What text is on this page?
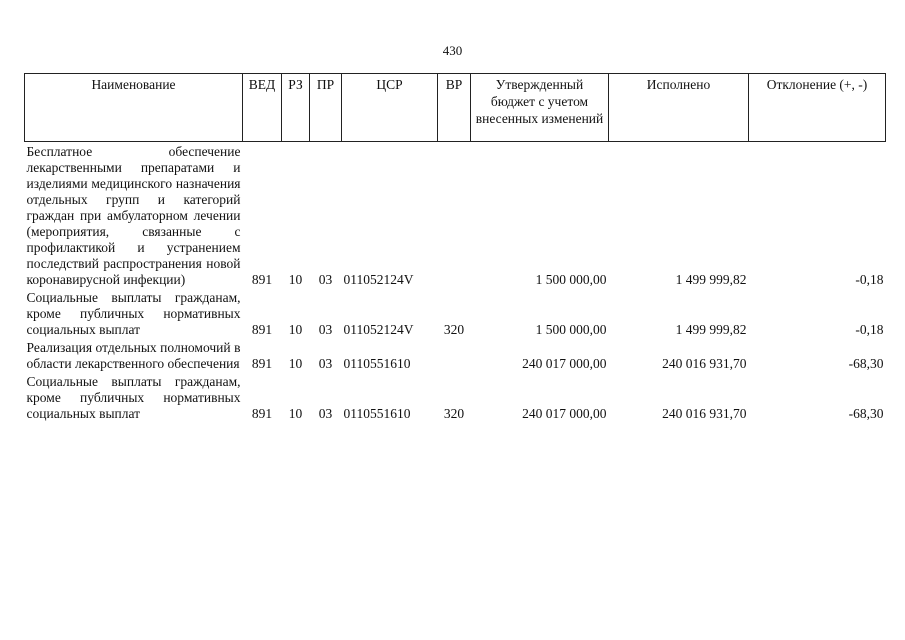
430
Наименование	ВЕД	РЗ	ПР	ЦСР	ВР	Утвержденный бюджет с учетом внесенных изменений	Исполнено	Отклонение (+, -)
Бесплатное обеспечение лекарственными препаратами и изделиями медицинского назначения отдельных групп и категорий граждан при амбулаторном лечении (мероприятия, связанные с профилактикой и устранением последствий распространения новой коронавирусной инфекции)	891	10	03	011052124V		1 500 000,00	1 499 999,82	-0,18
Социальные выплаты гражданам, кроме публичных нормативных социальных выплат	891	10	03	011052124V	320	1 500 000,00	1 499 999,82	-0,18
Реализация отдельных полномочий в области лекарственного обеспечения	891	10	03	0110551610		240 017 000,00	240 016 931,70	-68,30
Социальные выплаты гражданам, кроме публичных нормативных социальных выплат	891	10	03	0110551610	320	240 017 000,00	240 016 931,70	-68,30
